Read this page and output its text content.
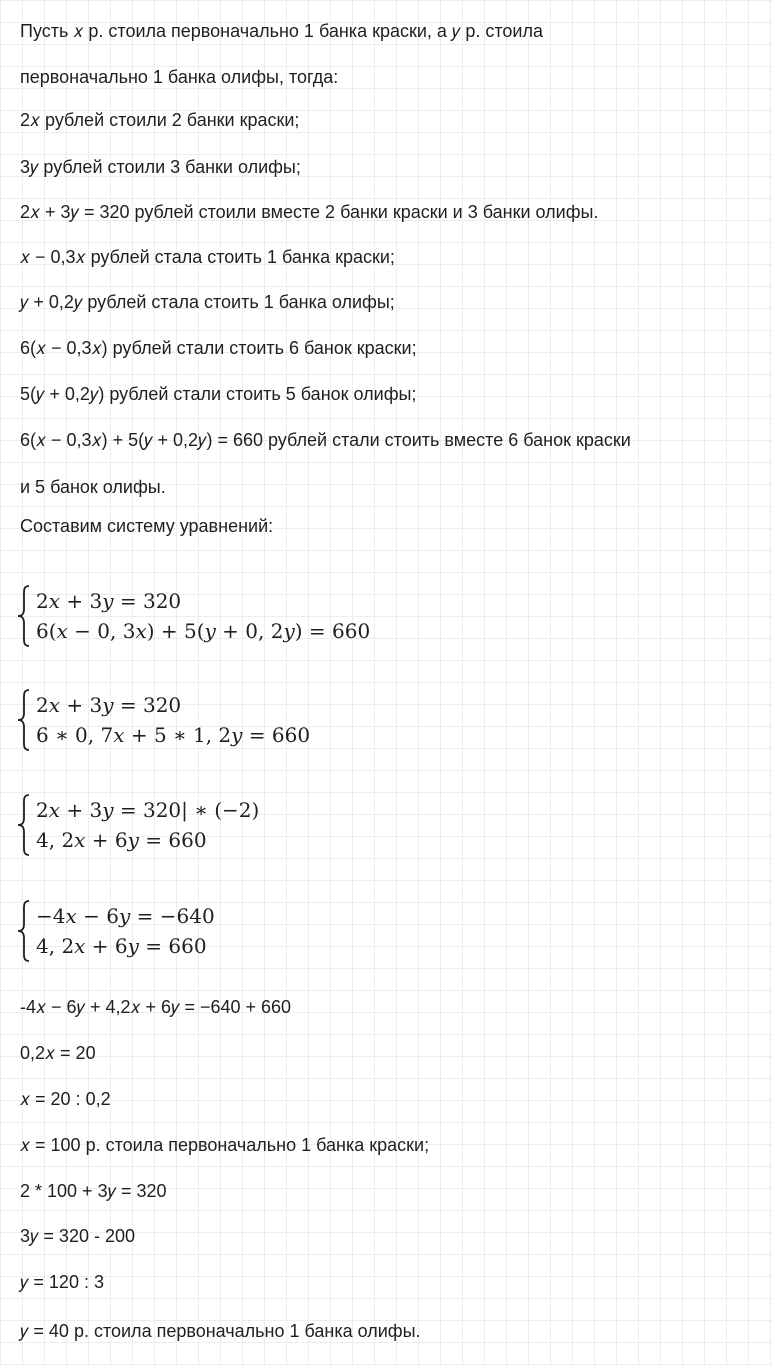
Пусть 𝑥 р. стоила первоначально 1 банка краски, а 𝑦 р. стоила
первоначально 1 банка олифы, тогда:
2𝑥 рублей стоили 2 банки краски;
3𝑦 рублей стоили 3 банки олифы;
2𝑥 + 3𝑦 = 320 рублей стоили вместе 2 банки краски и 3 банки олифы.
𝑥 − 0,3𝑥 рублей стала стоить 1 банка краски;
𝑦 + 0,2𝑦 рублей стала стоить 1 банка олифы;
6(𝑥 − 0,3𝑥) рублей стали стоить 6 банок краски;
5(𝑦 + 0,2𝑦) рублей стали стоить 5 банок олифы;
6(𝑥 − 0,3𝑥) + 5(𝑦 + 0,2𝑦) = 660 рублей стали стоить вместе 6 банок краски
и 5 банок олифы.
Составим систему уравнений:
2𝑥 + 3𝑦 = 320
6(𝑥 − 0, 3𝑥) + 5(𝑦 + 0, 2𝑦) = 660
2𝑥 + 3𝑦 = 320
6 ∗ 0, 7𝑥 + 5 ∗ 1, 2𝑦 = 660
2𝑥 + 3𝑦 = 320| ∗ (−2)
4, 2𝑥 + 6𝑦 = 660
−4𝑥 − 6𝑦 = −640
4, 2𝑥 + 6𝑦 = 660
-4𝑥 − 6𝑦 + 4,2𝑥 + 6𝑦 = −640 + 660
0,2𝑥 = 20
𝑥 = 20 : 0,2
𝑥 = 100 р. стоила первоначально 1 банка краски;
2 * 100 + 3𝑦 = 320
3𝑦 = 320 - 200
𝑦 = 120 : 3
𝑦 = 40 р. стоила первоначально 1 банка олифы.
